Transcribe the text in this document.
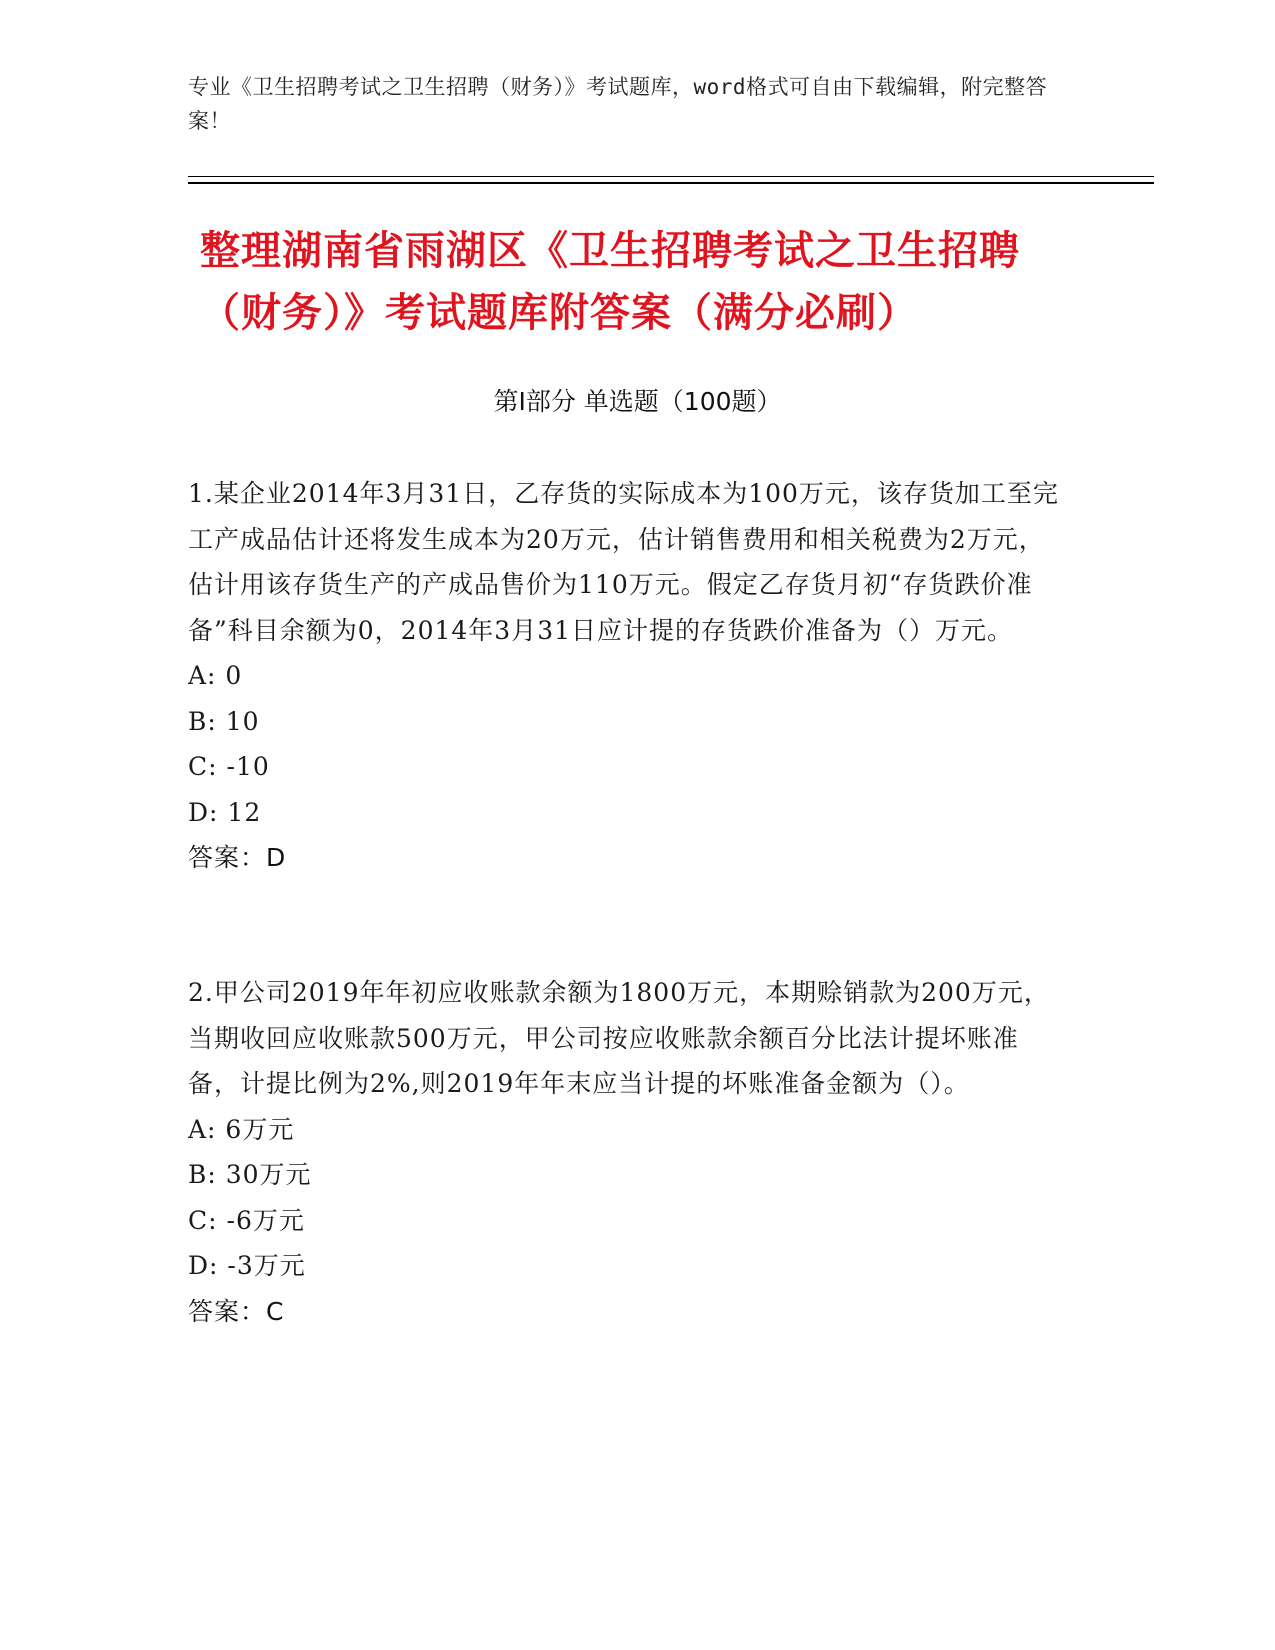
专业《卫生招聘考试之卫生招聘（财务）》考试题库，word格式可自由下载编辑，附完整答案！
整理湖南省雨湖区《卫生招聘考试之卫生招聘（财务）》考试题库附答案（满分必刷）
第Ⅰ部分 单选题（100题）

1.某企业2014年3月31日，乙存货的实际成本为100万元，该存货加工至完工产成品估计还将发生成本为20万元，估计销售费用和相关税费为2万元，估计用该存货生产的产成品售价为110万元。假定乙存货月初“存货跌价准备”科目余额为0，2014年3月31日应计提的存货跌价准备为（）万元。

A: 0

B: 10

C: -10

D: 12

答案：D

2.甲公司2019年年初应收账款余额为1800万元，本期赊销款为200万元，当期收回应收账款500万元，甲公司按应收账款余额百分比法计提坏账准备，计提比例为2%,则2019年年末应当计提的坏账准备金额为（）。

A: 6万元

B: 30万元

C: -6万元

D: -3万元

答案：C
